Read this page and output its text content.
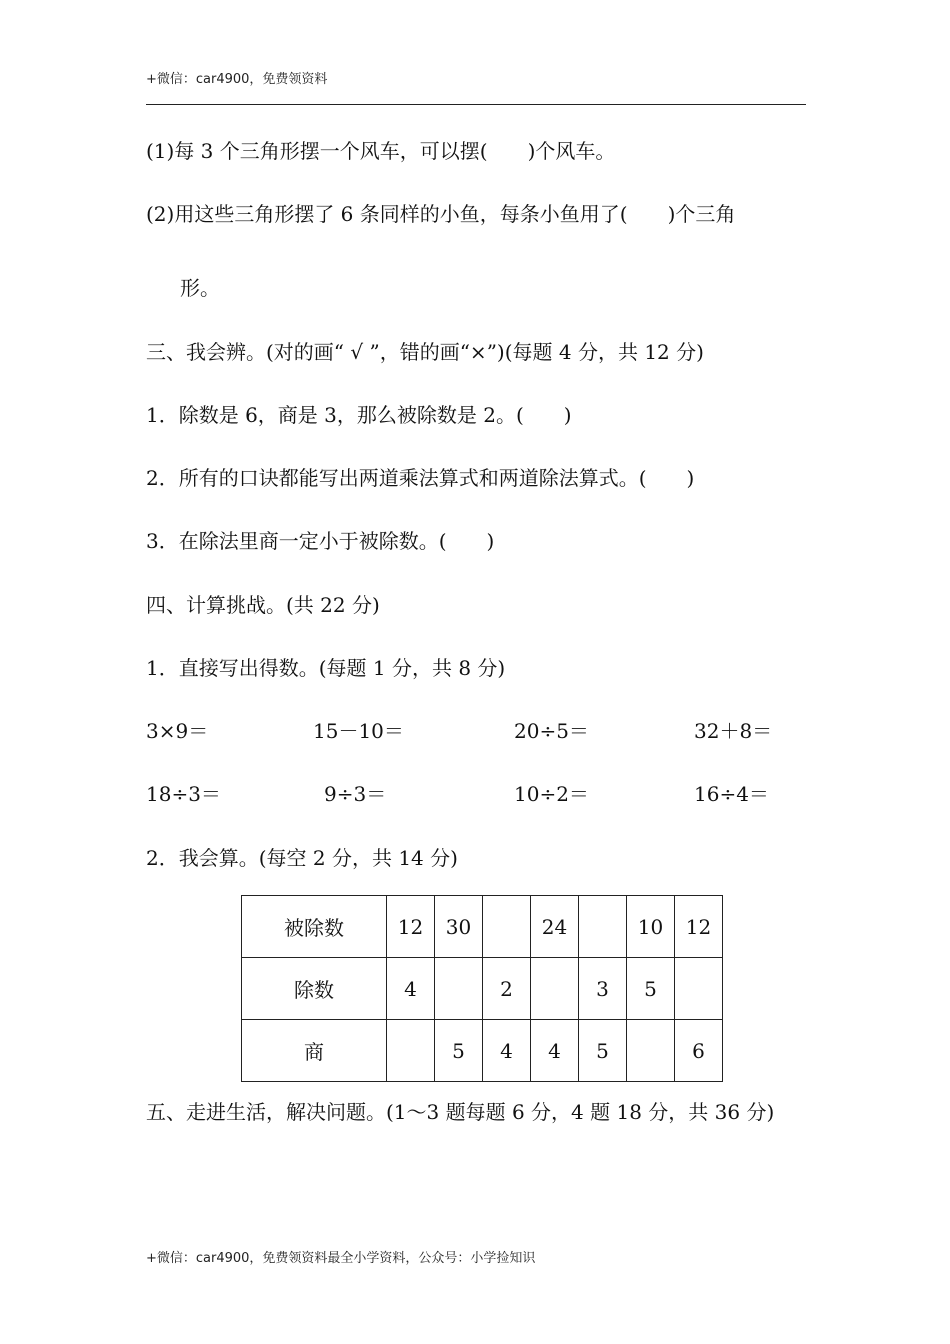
+微信：car4900，免费领资料
(1)每 3 个三角形摆一个风车，可以摆(　　)个风车。
(2)用这些三角形摆了 6 条同样的小鱼，每条小鱼用了(　　)个三角
形。
三、我会辨。(对的画“ √ ”，错的画“×”)(每题 4 分，共 12 分)
1．除数是 6，商是 3，那么被除数是 2。(　　)
2．所有的口诀都能写出两道乘法算式和两道除法算式。(　　)
3．在除法里商一定小于被除数。(　　)
四、计算挑战。(共 22 分)
1．直接写出得数。(每题 1 分，共 8 分)
3×9＝	15－10＝	20÷5＝	32＋8＝
18÷3＝	9÷3＝	10÷2＝	16÷4＝
2．我会算。(每空 2 分，共 14 分)
被除数	12	30		24		10	12
除数	4		2		3	5	
商		5	4	4	5		6
五、走进生活，解决问题。(1～3 题每题 6 分，4 题 18 分，共 36 分)
+微信：car4900，免费领资料最全小学资料，公众号：小学捡知识
